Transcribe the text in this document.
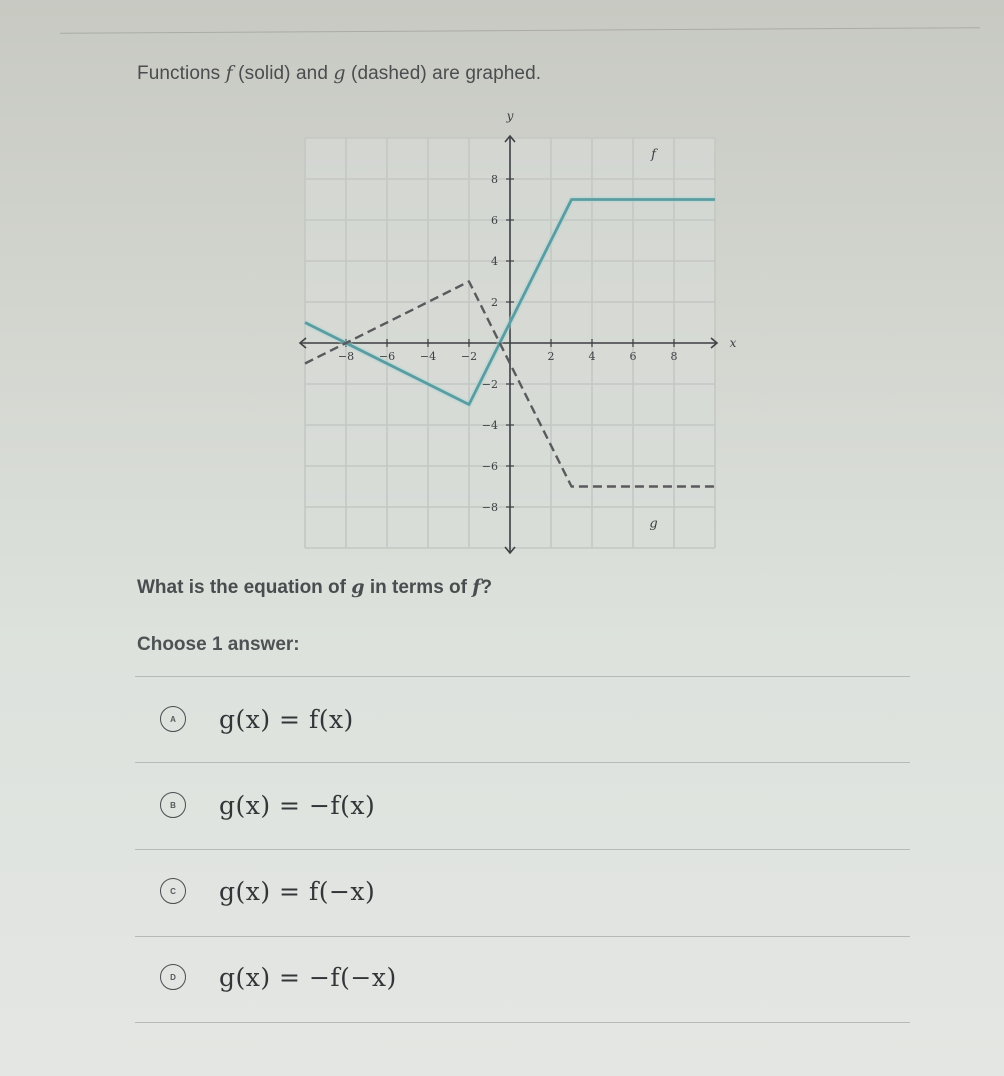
Functions f (solid) and g (dashed) are graphed.
−8 −6 −4 −2	2	4	6	8
8
6
4
2
−2
−4
−6
−8
x
y
f
g
What is the equation of g in terms of f?
Choose 1 answer:
A	g(x) = f(x)
B	g(x) = −f(x)
C	g(x) = f(−x)
D	g(x) = −f(−x)
